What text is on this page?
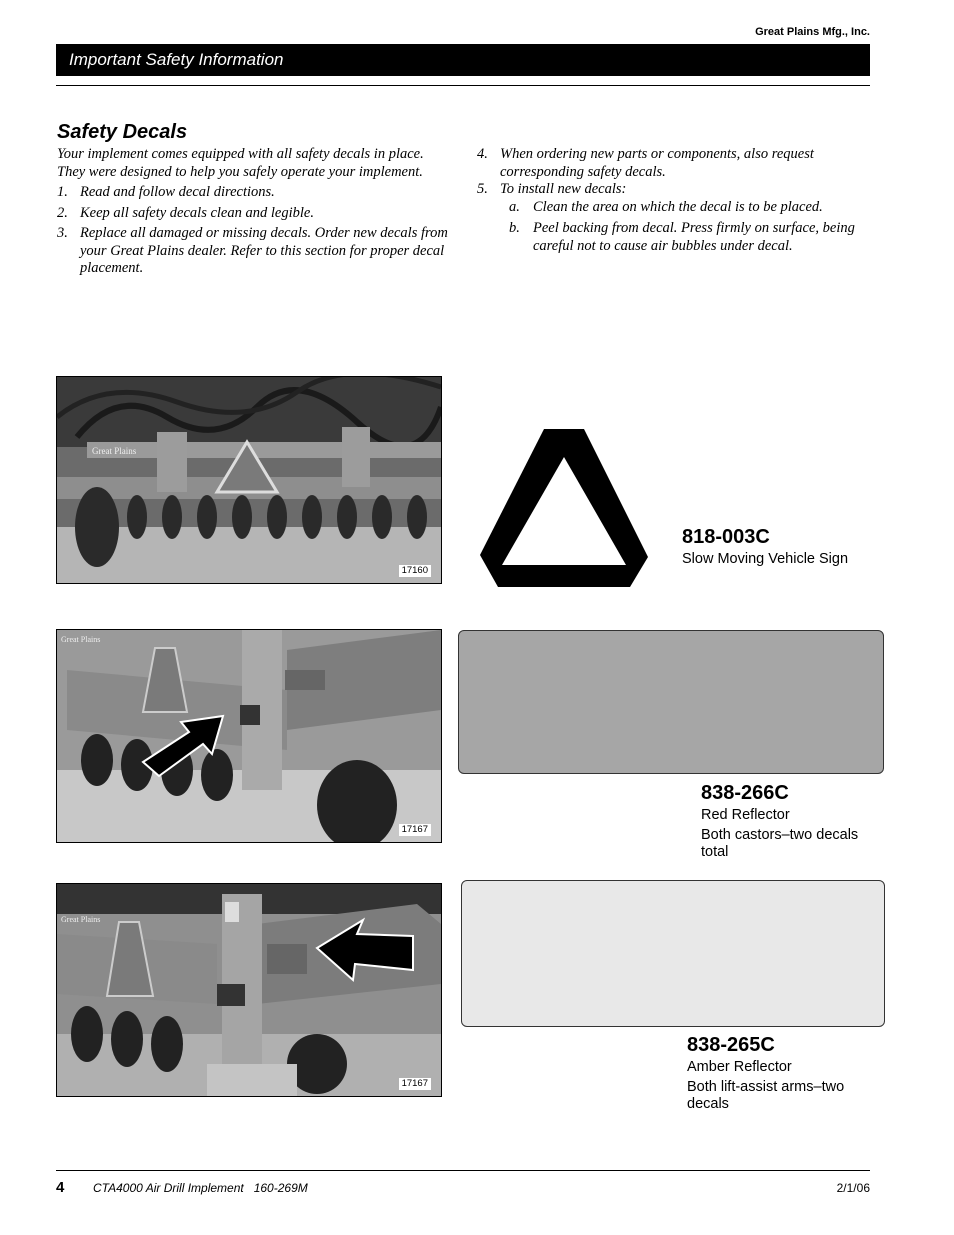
Great Plains Mfg., Inc.
Important Safety Information
Safety Decals
Your implement comes equipped with all safety decals in place. They were designed to help you safely operate your implement.
1. Read and follow decal directions.
2. Keep all safety decals clean and legible.
3. Replace all damaged or missing decals. Order new decals from your Great Plains dealer. Refer to this section for proper decal placement.
4. When ordering new parts or components, also request corresponding safety decals.
5. To install new decals:
a. Clean the area on which the decal is to be placed.
b. Peel backing from decal. Press firmly on surface, being careful not to cause air bubbles under decal.
Great Plains
17160
818-003C
Slow Moving Vehicle Sign
Great Plains
17167
838-266C
Red Reflector
Both castors–two decals total
Great Plains
17167
838-265C
Amber Reflector
Both lift-assist arms–two decals
4 CTA4000 Air Drill Implement   160-269M	2/1/06
